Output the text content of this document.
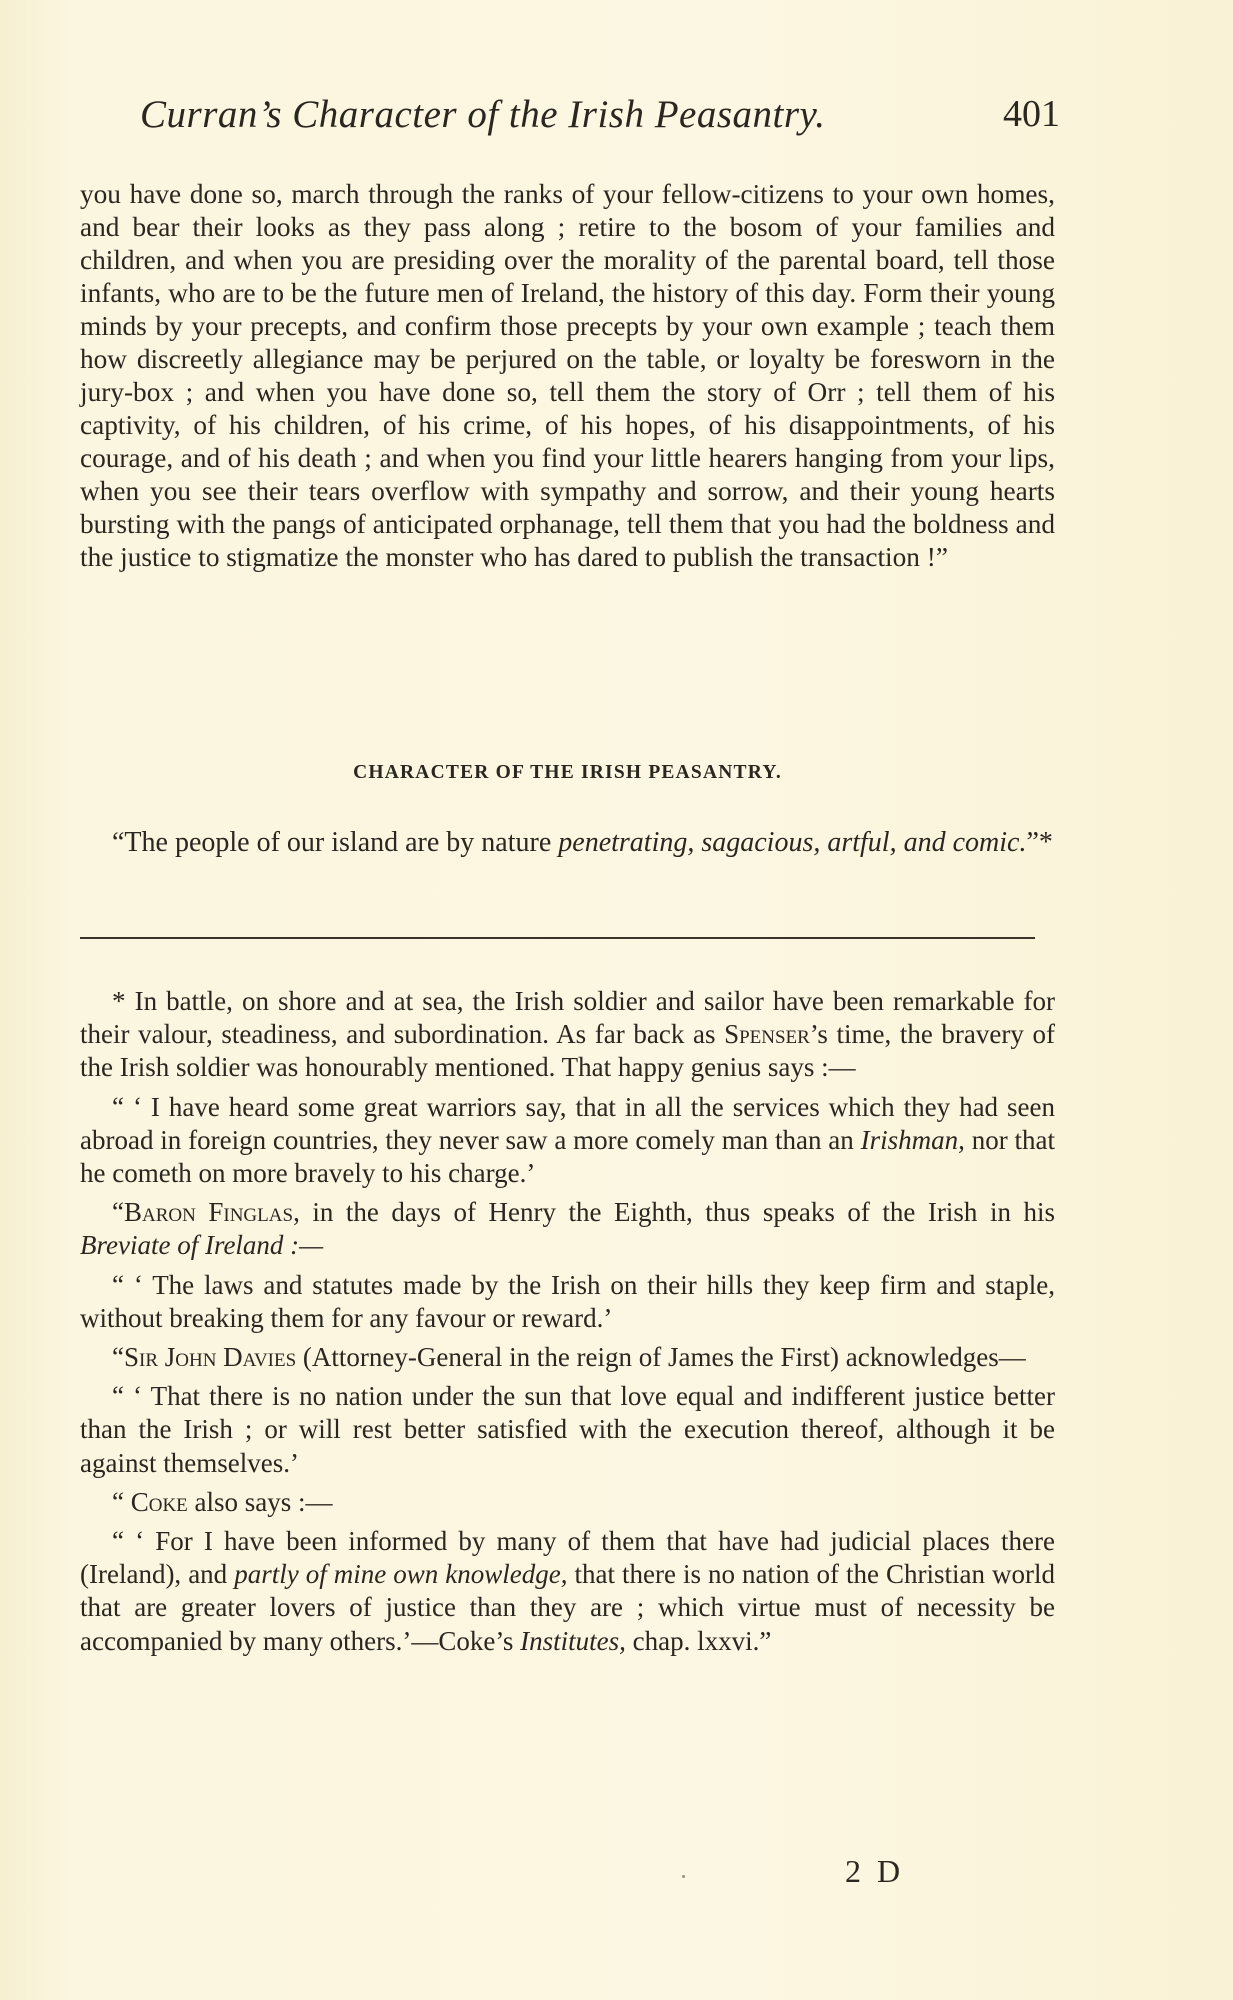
Curran’s Character of the Irish Peasantry.	401

you have done so, march through the ranks of your fellow-citizens to your own homes, and bear their looks as they pass along ; retire to the bosom of your families and children, and when you are presiding over the morality of the parental board, tell those infants, who are to be the future men of Ireland, the history of this day. Form their young minds by your precepts, and confirm those precepts by your own example ; teach them how discreetly allegiance may be perjured on the table, or loyalty be foresworn in the jury-box ; and when you have done so, tell them the story of Orr ; tell them of his captivity, of his children, of his crime, of his hopes, of his disappointments, of his courage, and of his death ; and when you find your little hearers hanging from your lips, when you see their tears overflow with sympathy and sorrow, and their young hearts bursting with the pangs of anticipated orphanage, tell them that you had the boldness and the justice to stigmatize the monster who has dared to publish the transaction !”

CHARACTER OF THE IRISH PEASANTRY.

“The people of our island are by nature penetrating, sagacious, artful, and comic.”*

* In battle, on shore and at sea, the Irish soldier and sailor have been remarkable for their valour, steadiness, and subordination. As far back as Spenser’s time, the bravery of the Irish soldier was honourably mentioned. That happy genius says :—

“ ‘ I have heard some great warriors say, that in all the services which they had seen abroad in foreign countries, they never saw a more comely man than an Irishman, nor that he cometh on more bravely to his charge.’

“Baron Finglas, in the days of Henry the Eighth, thus speaks of the Irish in his Breviate of Ireland :—

“ ‘ The laws and statutes made by the Irish on their hills they keep firm and staple, without breaking them for any favour or reward.’

“Sir John Davies (Attorney-General in the reign of James the First) acknowledges—

“ ‘ That there is no nation under the sun that love equal and indifferent justice better than the Irish ; or will rest better satisfied with the execution thereof, although it be against themselves.’

“ Coke also says :—

“ ‘ For I have been informed by many of them that have had judicial places there (Ireland), and partly of mine own knowledge, that there is no nation of the Christian world that are greater lovers of justice than they are ; which virtue must of necessity be accompanied by many others.’—Coke’s Institutes, chap. lxxvi.”

2 D
